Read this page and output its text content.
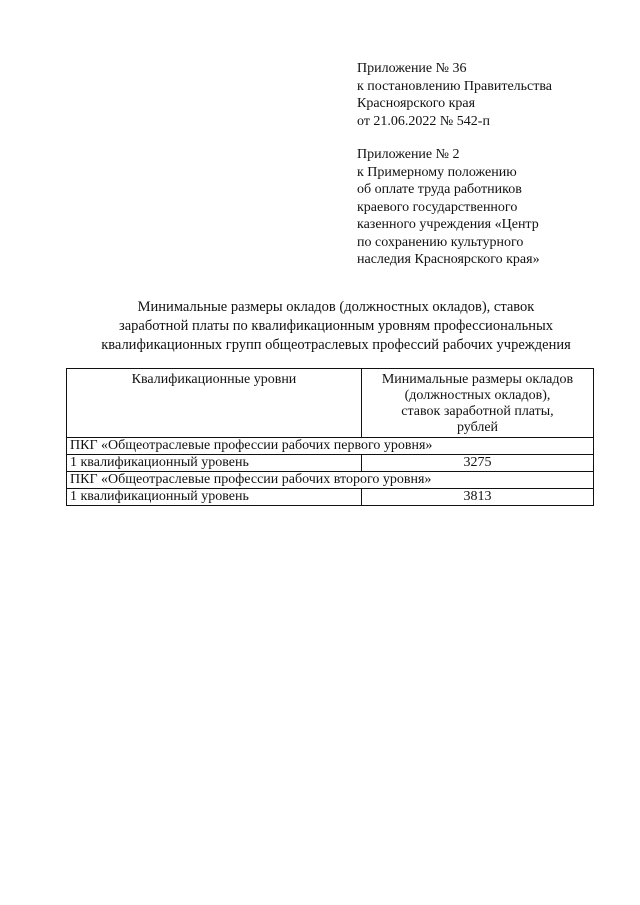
Приложение № 36
к постановлению Правительства
Красноярского края
от 21.06.2022 № 542-п
Приложение № 2
к Примерному положению
об оплате труда работников
краевого государственного
казенного учреждения «Центр
по сохранению культурного
наследия Красноярского края»
Минимальные размеры окладов (должностных окладов), ставок
заработной платы по квалификационным уровням профессиональных
квалификационных групп общеотраслевых профессий рабочих учреждения
Квалификационные уровни	Минимальные размеры окладов
(должностных окладов),
ставок заработной платы,
рублей

ПКГ «Общеотраслевые профессии рабочих первого уровня»	
1 квалификационный уровень	3275
ПКГ «Общеотраслевые профессии рабочих второго уровня»	
1 квалификационный уровень	3813
